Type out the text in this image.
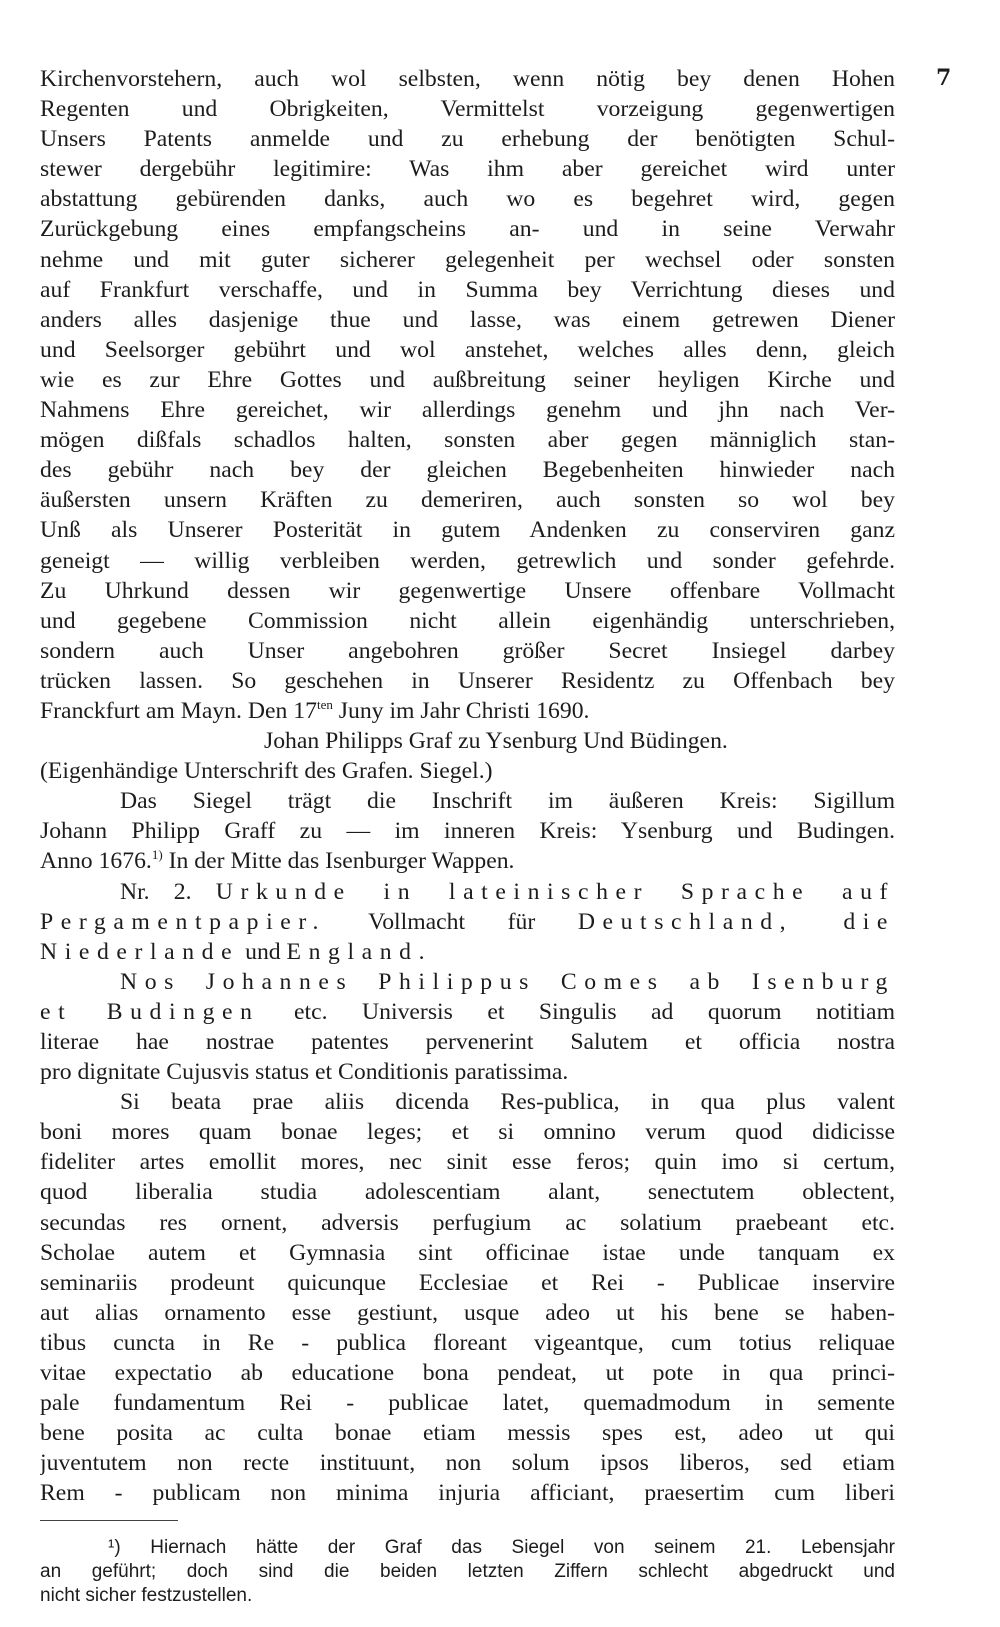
7
Kirchenvorstehern, auch wol selbsten, wenn nötig bey denen Hohen
Regenten und Obrigkeiten, Vermittelst vorzeigung gegenwertigen
Unsers Patents anmelde und zu erhebung der benötigten Schul-
stewer dergebühr legitimire: Was ihm aber gereichet wird unter
abstattung gebürenden danks, auch wo es begehret wird, gegen
Zurückgebung eines empfangscheins an- und in seine Verwahr
nehme und mit guter sicherer gelegenheit per wechsel oder sonsten
auf Frankfurt verschaffe, und in Summa bey Verrichtung dieses und
anders alles dasjenige thue und lasse, was einem getrewen Diener
und Seelsorger gebührt und wol anstehet, welches alles denn, gleich
wie es zur Ehre Gottes und außbreitung seiner heyligen Kirche und
Nahmens Ehre gereichet, wir allerdings genehm und jhn nach Ver-
mögen dißfals schadlos halten, sonsten aber gegen männiglich stan-
des gebühr nach bey der gleichen Begebenheiten hinwieder nach
äußersten unsern Kräften zu demeriren, auch sonsten so wol bey
Unß als Unserer Posterität in gutem Andenken zu conserviren ganz
geneigt — willig verbleiben werden, getrewlich und sonder gefehrde.
Zu Uhrkund dessen wir gegenwertige Unsere offenbare Vollmacht
und gegebene Commission nicht allein eigenhändig unterschrieben,
sondern auch Unser angebohren größer Secret Insiegel darbey
trücken lassen. So geschehen in Unserer Residentz zu Offenbach bey
Franckfurt am Mayn. Den $17^{ten}$ Juny im Jahr Christi 1690.
Johan Philipps Graf zu Ysenburg Und Büdingen.
(Eigenhändige Unterschrift des Grafen. Siegel.)
Das Siegel trägt die Inschrift im äußeren Kreis: Sigillum
Johann Philipp Graff zu — im inneren Kreis: Ysenburg und Budingen.
Anno 1676.$^{1)}$ In der Mitte das Isenburger Wappen.
Nr. 2. Urkunde in lateinischer Sprache auf
Pergamentpapier. Vollmacht für Deutschland, die
Niederlande und England.
Nos Johannes Philippus Comes ab Isenburg
et Budingen etc. Universis et Singulis ad quorum notitiam
literae hae nostrae patentes pervenerint Salutem et officia nostra
pro dignitate Cujusvis status et Conditionis paratissima.
Si beata prae aliis dicenda Res-publica, in qua plus valent
boni mores quam bonae leges; et si omnino verum quod didicisse
fideliter artes emollit mores, nec sinit esse feros; quin imo si certum,
quod liberalia studia adolescentiam alant, senectutem oblectent,
secundas res ornent, adversis perfugium ac solatium praebeant etc.
Scholae autem et Gymnasia sint officinae istae unde tanquam ex
seminariis prodeunt quicunque Ecclesiae et Rei - Publicae inservire
aut alias ornamento esse gestiunt, usque adeo ut his bene se haben-
tibus cuncta in Re - publica floreant vigeantque, cum totius reliquae
vitae expectatio ab educatione bona pendeat, ut pote in qua princi-
pale fundamentum Rei - publicae latet, quemadmodum in semente
bene posita ac culta bonae etiam messis spes est, adeo ut qui
juventutem non recte instituunt, non solum ipsos liberos, sed etiam
Rem - publicam non minima injuria afficiant, praesertim cum liberi
¹) Hiernach hätte der Graf das Siegel von seinem 21. Lebensjahr
an geführt; doch sind die beiden letzten Ziffern schlecht abgedruckt und
nicht sicher festzustellen.
